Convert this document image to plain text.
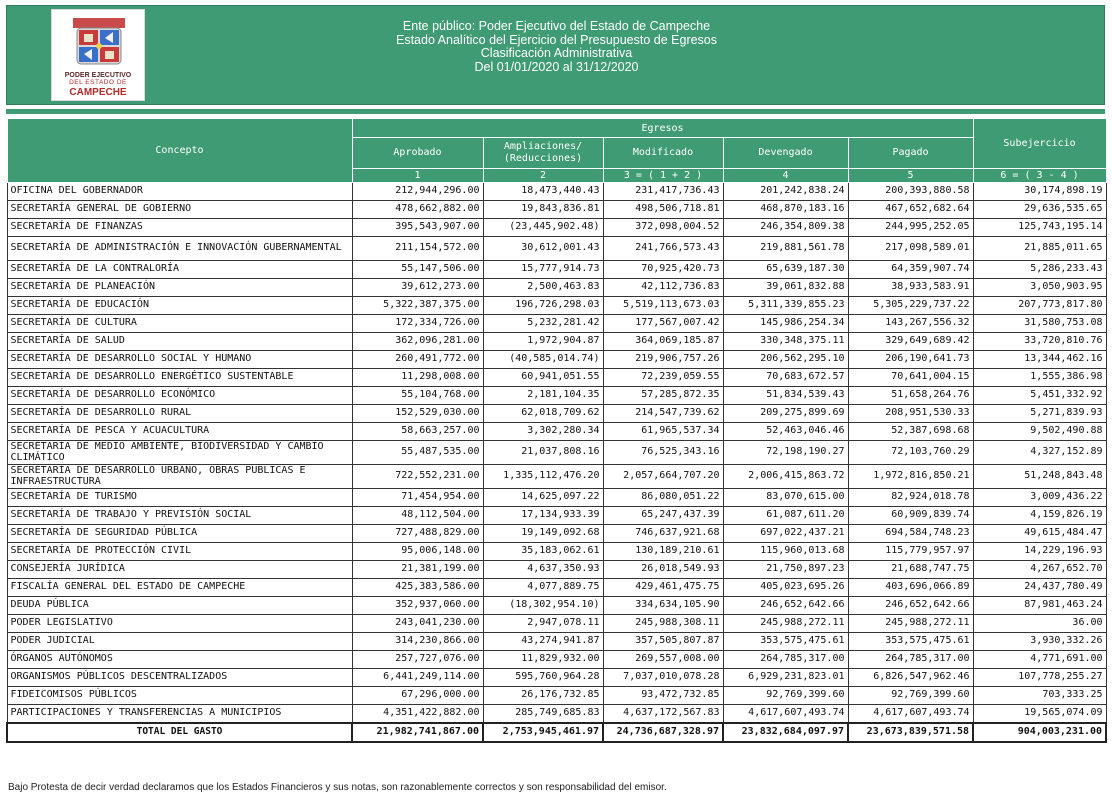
PODER EJECUTIVO
DEL ESTADO DE
CAMPECHE
Ente público: Poder Ejecutivo del Estado de Campeche
Estado Analítico del Ejercicio del Presupuesto de Egresos
Clasificación Administrativa
Del 01/01/2020 al 31/12/2020
Concepto	Egresos					Subejercicio
	Aprobado	Ampliaciones/ (Reducciones)	Modificado	Devengado	Pagado	
	1	2	3 = ( 1 + 2 )	4	5	6 = ( 3 - 4 )
OFICINA DEL GOBERNADOR	212,944,296.00	18,473,440.43	231,417,736.43	201,242,838.24	200,393,880.58	30,174,898.19
SECRETARÍA GENERAL DE GOBIERNO	478,662,882.00	19,843,836.81	498,506,718.81	468,870,183.16	467,652,682.64	29,636,535.65
SECRETARÍA DE FINANZAS	395,543,907.00	(23,445,902.48)	372,098,004.52	246,354,809.38	244,995,252.05	125,743,195.14
SECRETARÍA DE ADMINISTRACIÓN E INNOVACIÓN GUBERNAMENTAL	211,154,572.00	30,612,001.43	241,766,573.43	219,881,561.78	217,098,589.01	21,885,011.65
SECRETARÍA DE LA CONTRALORÍA	55,147,506.00	15,777,914.73	70,925,420.73	65,639,187.30	64,359,907.74	5,286,233.43
SECRETARÍA DE PLANEACIÓN	39,612,273.00	2,500,463.83	42,112,736.83	39,061,832.88	38,933,583.91	3,050,903.95
SECRETARÍA DE EDUCACIÓN	5,322,387,375.00	196,726,298.03	5,519,113,673.03	5,311,339,855.23	5,305,229,737.22	207,773,817.80
SECRETARÍA DE CULTURA	172,334,726.00	5,232,281.42	177,567,007.42	145,986,254.34	143,267,556.32	31,580,753.08
SECRETARÍA DE SALUD	362,096,281.00	1,972,904.87	364,069,185.87	330,348,375.11	329,649,689.42	33,720,810.76
SECRETARÍA DE DESARROLLO SOCIAL Y HUMANO	260,491,772.00	(40,585,014.74)	219,906,757.26	206,562,295.10	206,190,641.73	13,344,462.16
SECRETARÍA DE DESARROLLO ENERGÉTICO SUSTENTABLE	11,298,008.00	60,941,051.55	72,239,059.55	70,683,672.57	70,641,004.15	1,555,386.98
SECRETARÍA DE DESARROLLO ECONÓMICO	55,104,768.00	2,181,104.35	57,285,872.35	51,834,539.43	51,658,264.76	5,451,332.92
SECRETARÍA DE DESARROLLO RURAL	152,529,030.00	62,018,709.62	214,547,739.62	209,275,899.69	208,951,530.33	5,271,839.93
SECRETARÍA DE PESCA Y ACUACULTURA	58,663,257.00	3,302,280.34	61,965,537.34	52,463,046.46	52,387,698.68	9,502,490.88
SECRETARÍA DE MEDIO AMBIENTE, BIODIVERSIDAD Y CAMBIO CLIMÁTICO	55,487,535.00	21,037,808.16	76,525,343.16	72,198,190.27	72,103,760.29	4,327,152.89
SECRETARÍA DE DESARROLLO URBANO, OBRAS PÚBLICAS E INFRAESTRUCTURA	722,552,231.00	1,335,112,476.20	2,057,664,707.20	2,006,415,863.72	1,972,816,850.21	51,248,843.48
SECRETARÍA DE TURISMO	71,454,954.00	14,625,097.22	86,080,051.22	83,070,615.00	82,924,018.78	3,009,436.22
SECRETARÍA DE TRABAJO Y PREVISIÓN SOCIAL	48,112,504.00	17,134,933.39	65,247,437.39	61,087,611.20	60,909,839.74	4,159,826.19
SECRETARÍA DE SEGURIDAD PÚBLICA	727,488,829.00	19,149,092.68	746,637,921.68	697,022,437.21	694,584,748.23	49,615,484.47
SECRETARÍA DE PROTECCIÓN CIVIL	95,006,148.00	35,183,062.61	130,189,210.61	115,960,013.68	115,779,957.97	14,229,196.93
CONSEJERÍA JURÍDICA	21,381,199.00	4,637,350.93	26,018,549.93	21,750,897.23	21,688,747.75	4,267,652.70
FISCALÍA GENERAL DEL ESTADO DE CAMPECHE	425,383,586.00	4,077,889.75	429,461,475.75	405,023,695.26	403,696,066.89	24,437,780.49
DEUDA PÚBLICA	352,937,060.00	(18,302,954.10)	334,634,105.90	246,652,642.66	246,652,642.66	87,981,463.24
PODER LEGISLATIVO	243,041,230.00	2,947,078.11	245,988,308.11	245,988,272.11	245,988,272.11	36.00
PODER JUDICIAL	314,230,866.00	43,274,941.87	357,505,807.87	353,575,475.61	353,575,475.61	3,930,332.26
ÓRGANOS AUTÓNOMOS	257,727,076.00	11,829,932.00	269,557,008.00	264,785,317.00	264,785,317.00	4,771,691.00
ORGANISMOS PÚBLICOS DESCENTRALIZADOS	6,441,249,114.00	595,760,964.28	7,037,010,078.28	6,929,231,823.01	6,826,547,962.46	107,778,255.27
FIDEICOMISOS PÚBLICOS	67,296,000.00	26,176,732.85	93,472,732.85	92,769,399.60	92,769,399.60	703,333.25
PARTICIPACIONES Y TRANSFERENCIAS A MUNICIPIOS	4,351,422,882.00	285,749,685.83	4,637,172,567.83	4,617,607,493.74	4,617,607,493.74	19,565,074.09
TOTAL DEL GASTO	21,982,741,867.00	2,753,945,461.97	24,736,687,328.97	23,832,684,097.97	23,673,839,571.58	904,003,231.00
Bajo Protesta de decir verdad declaramos que los Estados Financieros y sus notas, son razonablemente correctos y son responsabilidad del emisor.
